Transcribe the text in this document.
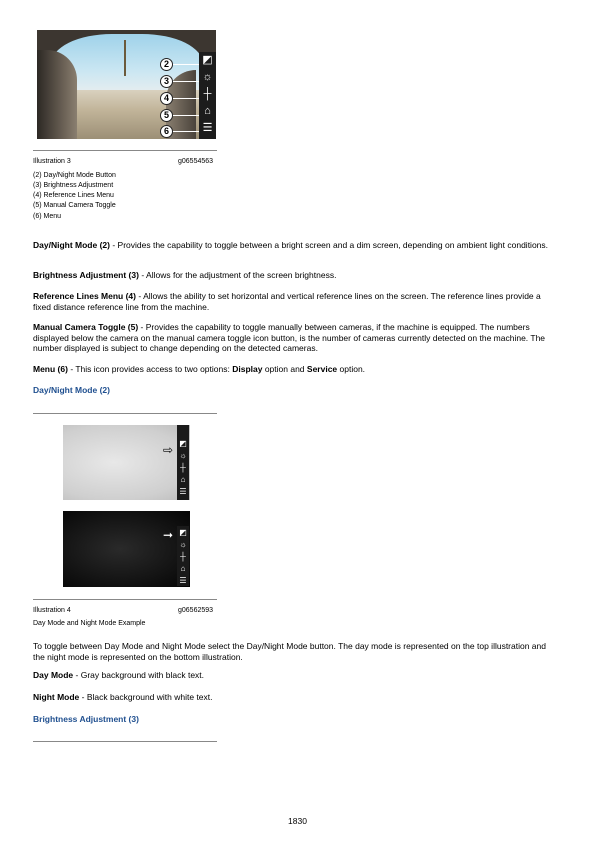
◩
☼
┼
⌂
☰
2
3
4
5
6
Illustration 3	g06554563
(2) Day/Night Mode Button
(3) Brightness Adjustment
(4) Reference Lines Menu
(5) Manual Camera Toggle
(6) Menu
Day/Night Mode (2) - Provides the capability to toggle between a bright screen and a dim screen, depending on ambient light conditions.
Brightness Adjustment (3) - Allows for the adjustment of the screen brightness.
Reference Lines Menu (4) - Allows the ability to set horizontal and vertical reference lines on the screen. The reference lines provide a fixed distance reference line from the machine.
Manual Camera Toggle (5) - Provides the capability to toggle manually between cameras, if the machine is equipped. The numbers displayed below the camera on the manual camera toggle icon button, is the number of cameras currently detected on the machine. The number displayed is subject to change depending on the detected cameras.
Menu (6) - This icon provides access to two options: Display option and Service option.
Day/Night Mode (2)
◩
☼
┼
⌂
☰
⇨
◩
☼
┼
⌂
☰
➞
Illustration 4	g06562593
Day Mode and Night Mode Example
To toggle between Day Mode and Night Mode select the Day/Night Mode button. The day mode is represented on the top illustration and the night mode is represented on the bottom illustration.
Day Mode - Gray background with black text.
Night Mode - Black background with white text.
Brightness Adjustment (3)
1830
